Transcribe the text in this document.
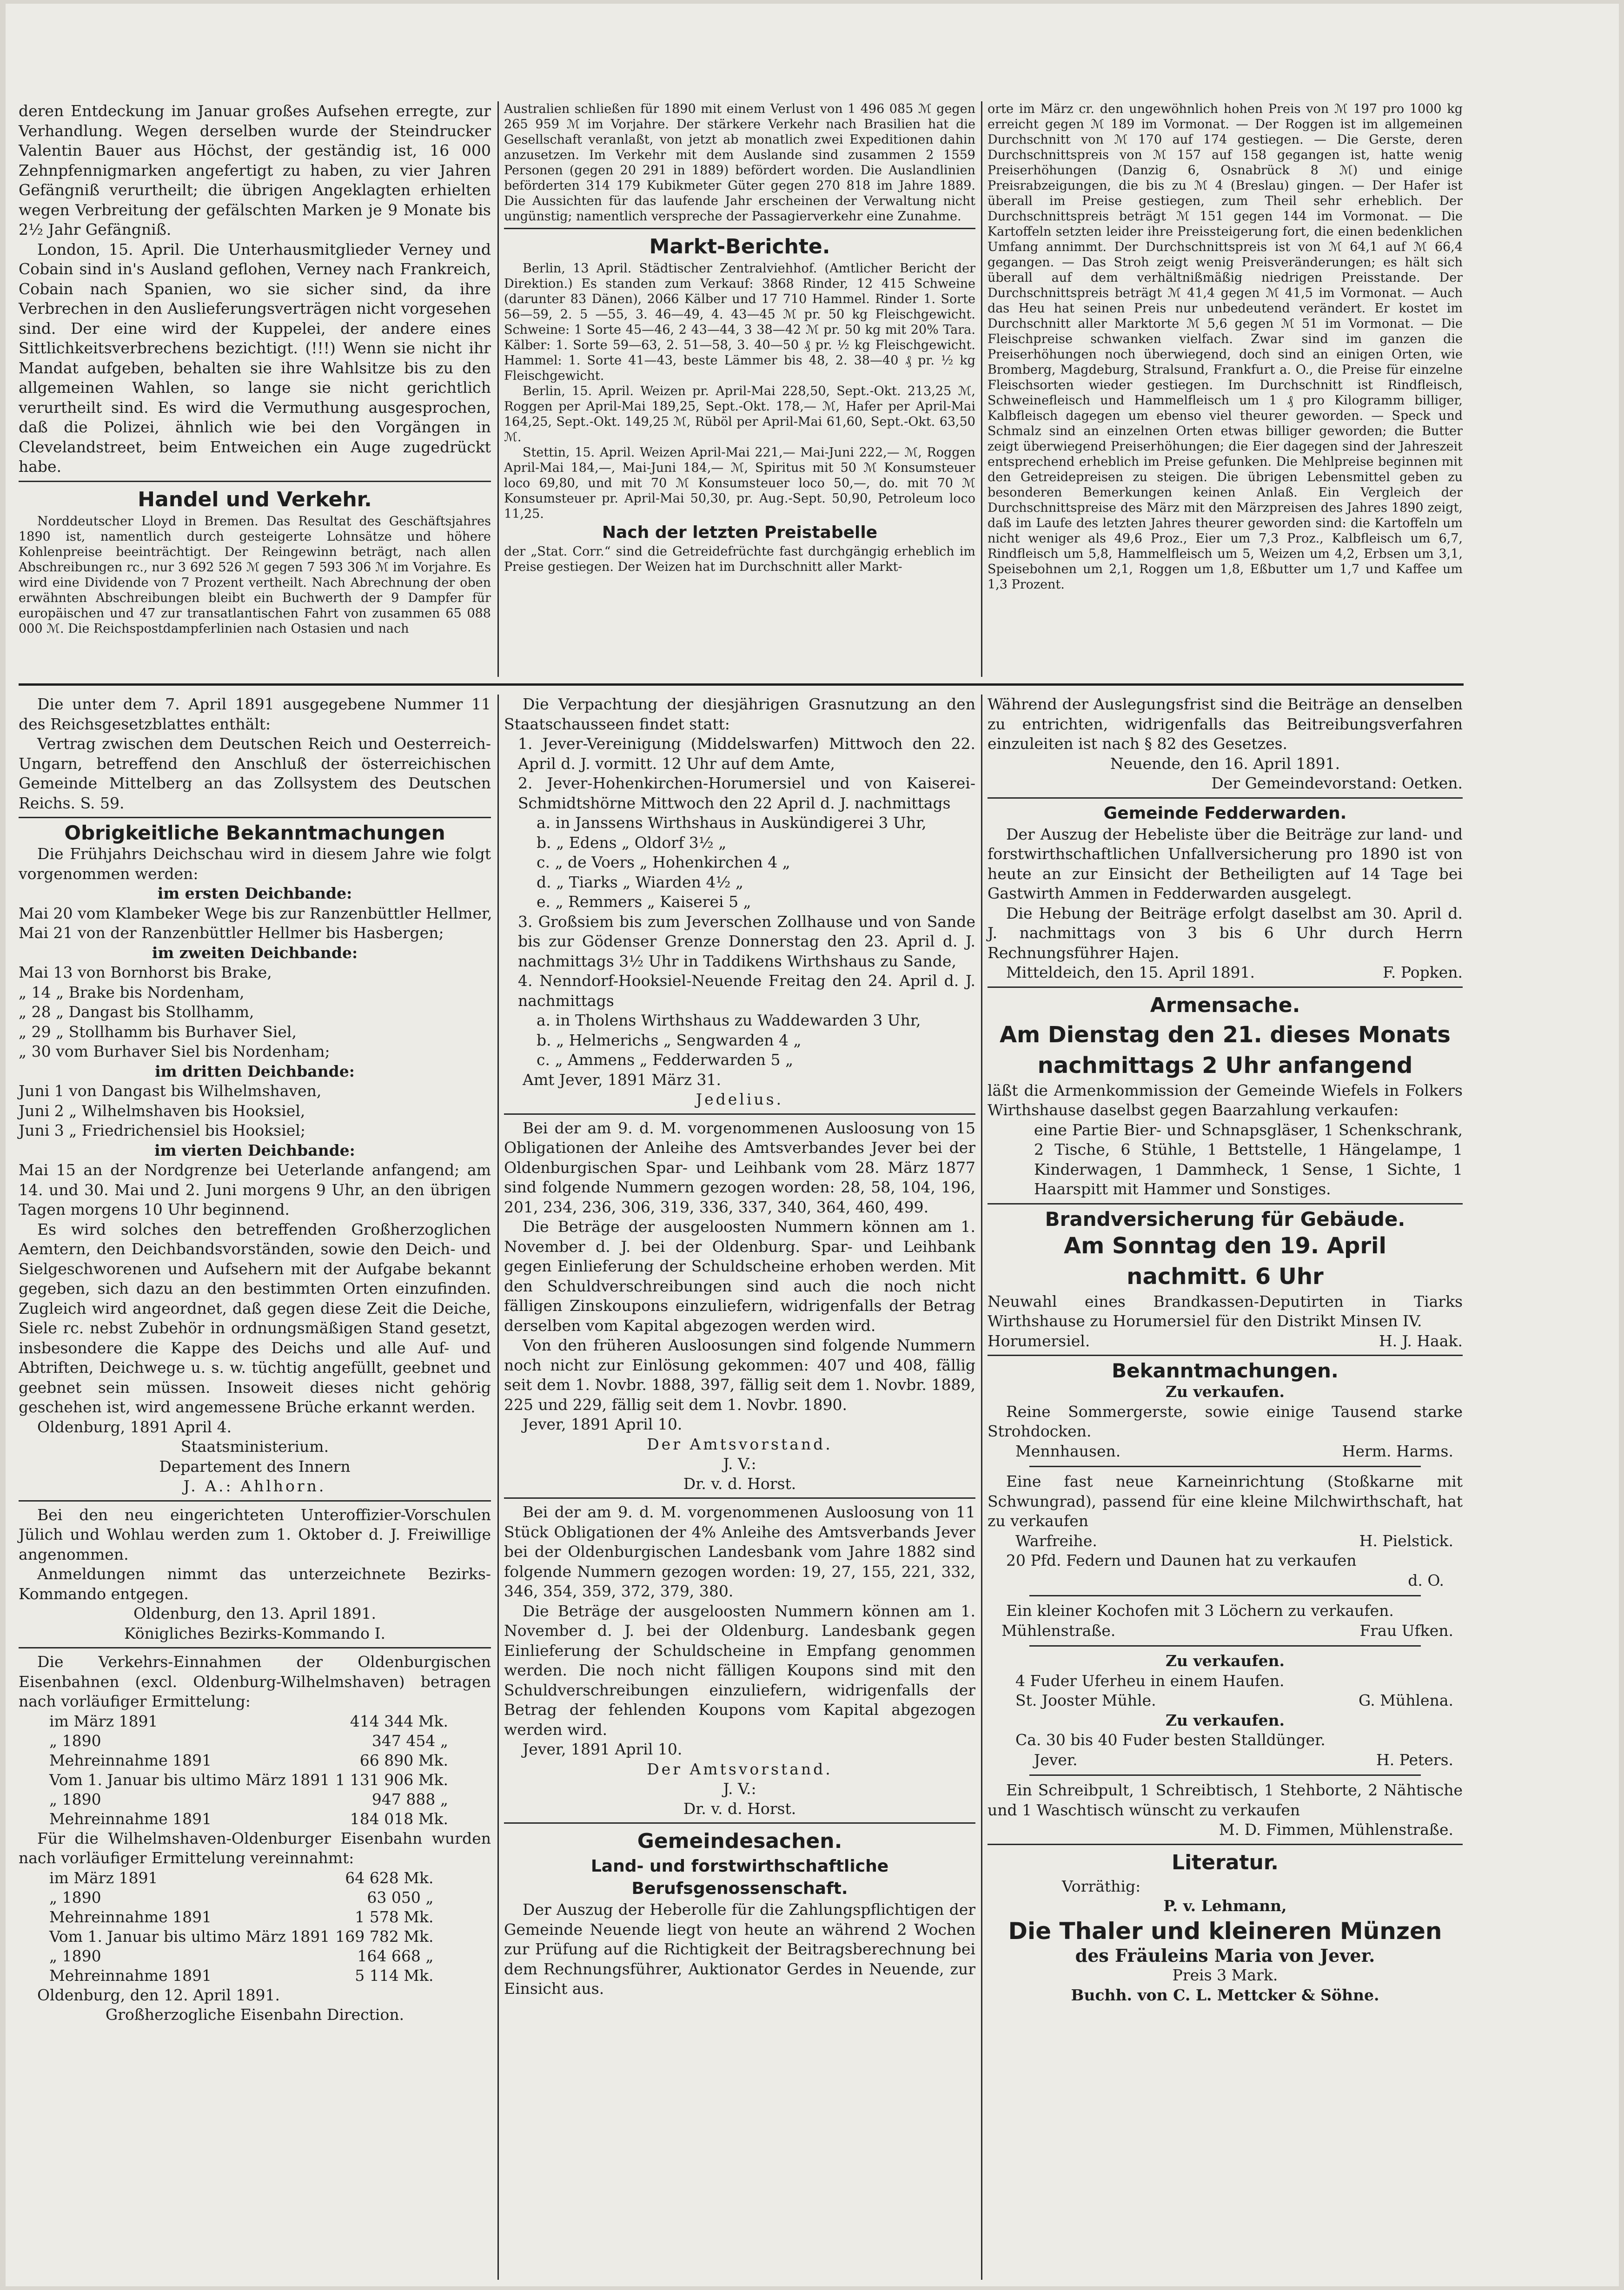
deren Entdeckung im Januar großes Aufsehen erregte, zur Verhandlung. Wegen derselben wurde der Steindrucker Valentin Bauer aus Höchst, der geständig ist, 16 000 Zehnpfennigmarken angefertigt zu haben, zu vier Jahren Gefängniß verurtheilt; die übrigen Angeklagten erhielten wegen Verbreitung der gefälschten Marken je 9 Monate bis 2½ Jahr Gefängniß.

London, 15. April. Die Unterhausmitglieder Verney und Cobain sind in's Ausland geflohen, Verney nach Frankreich, Cobain nach Spanien, wo sie sicher sind, da ihre Verbrechen in den Auslieferungsverträgen nicht vorgesehen sind. Der eine wird der Kuppelei, der andere eines Sittlichkeitsverbrechens bezichtigt. (!!!) Wenn sie nicht ihr Mandat aufgeben, behalten sie ihre Wahlsitze bis zu den allgemeinen Wahlen, so lange sie nicht gerichtlich verurtheilt sind. Es wird die Vermuthung ausgesprochen, daß die Polizei, ähnlich wie bei den Vorgängen in Clevelandstreet, beim Entweichen ein Auge zugedrückt habe.

Handel und Verkehr.

Norddeutscher Lloyd in Bremen. Das Resultat des Geschäftsjahres 1890 ist, namentlich durch gesteigerte Lohnsätze und höhere Kohlenpreise beeinträchtigt. Der Reingewinn beträgt, nach allen Abschreibungen rc., nur 3 692 526 ℳ gegen 7 593 306 ℳ im Vorjahre. Es wird eine Dividende von 7 Prozent vertheilt. Nach Abrechnung der oben erwähnten Abschreibungen bleibt ein Buchwerth der 9 Dampfer für europäischen und 47 zur transatlantischen Fahrt von zusammen 65 088 000 ℳ. Die Reichspostdampferlinien nach Ostasien und nach

Australien schließen für 1890 mit einem Verlust von 1 496 085 ℳ gegen 265 959 ℳ im Vorjahre. Der stärkere Verkehr nach Brasilien hat die Gesellschaft veranlaßt, von jetzt ab monatlich zwei Expeditionen dahin anzusetzen. Im Verkehr mit dem Auslande sind zusammen 2 1559 Personen (gegen 20 291 in 1889) befördert worden. Die Auslandlinien beförderten 314 179 Kubikmeter Güter gegen 270 818 im Jahre 1889. Die Aussichten für das laufende Jahr erscheinen der Verwaltung nicht ungünstig; namentlich verspreche der Passagierverkehr eine Zunahme.

Markt-Berichte.

Berlin, 13 April. Städtischer Zentralviehhof. (Amtlicher Bericht der Direktion.) Es standen zum Verkauf: 3868 Rinder, 12 415 Schweine (darunter 83 Dänen), 2066 Kälber und 17 710 Hammel. Rinder 1. Sorte 56—59, 2. 5 —55, 3. 46—49, 4. 43—45 ℳ pr. 50 kg Fleischgewicht. Schweine: 1 Sorte 45—46, 2 43—44, 3 38—42 ℳ pr. 50 kg mit 20% Tara. Kälber: 1. Sorte 59—63, 2. 51—58, 3. 40—50 ₰ pr. ½ kg Fleischgewicht. Hammel: 1. Sorte 41—43, beste Lämmer bis 48, 2. 38—40 ₰ pr. ½ kg Fleischgewicht.

Berlin, 15. April. Weizen pr. April-Mai 228,50, Sept.-Okt. 213,25 ℳ, Roggen per April-Mai 189,25, Sept.-Okt. 178,— ℳ, Hafer per April-Mai 164,25, Sept.-Okt. 149,25 ℳ, Rüböl per April-Mai 61,60, Sept.-Okt. 63,50 ℳ.

Stettin, 15. April. Weizen April-Mai 221,— Mai-Juni 222,— ℳ, Roggen April-Mai 184,—, Mai-Juni 184,— ℳ, Spiritus mit 50 ℳ Konsumsteuer loco 69,80, und mit 70 ℳ Konsumsteuer loco 50,—, do. mit 70 ℳ Konsumsteuer pr. April-Mai 50,30, pr. Aug.-Sept. 50,90, Petroleum loco 11,25.

Nach der letzten Preistabelle

der „Stat. Corr.“ sind die Getreidefrüchte fast durchgängig erheblich im Preise gestiegen. Der Weizen hat im Durchschnitt aller Markt-

orte im März cr. den ungewöhnlich hohen Preis von ℳ 197 pro 1000 kg erreicht gegen ℳ 189 im Vormonat. — Der Roggen ist im allgemeinen Durchschnitt von ℳ 170 auf 174 gestiegen. — Die Gerste, deren Durchschnittspreis von ℳ 157 auf 158 gegangen ist, hatte wenig Preiserhöhungen (Danzig 6, Osnabrück 8 ℳ) und einige Preisrabzeigungen, die bis zu ℳ 4 (Breslau) gingen. — Der Hafer ist überall im Preise gestiegen, zum Theil sehr erheblich. Der Durchschnittspreis beträgt ℳ 151 gegen 144 im Vormonat. — Die Kartoffeln setzten leider ihre Preissteigerung fort, die einen bedenklichen Umfang annimmt. Der Durchschnittspreis ist von ℳ 64,1 auf ℳ 66,4 gegangen. — Das Stroh zeigt wenig Preisveränderungen; es hält sich überall auf dem verhältnißmäßig niedrigen Preisstande. Der Durchschnittspreis beträgt ℳ 41,4 gegen ℳ 41,5 im Vormonat. — Auch das Heu hat seinen Preis nur unbedeutend verändert. Er kostet im Durchschnitt aller Marktorte ℳ 5,6 gegen ℳ 51 im Vormonat. — Die Fleischpreise schwanken vielfach. Zwar sind im ganzen die Preiserhöhungen noch überwiegend, doch sind an einigen Orten, wie Bromberg, Magdeburg, Stralsund, Frankfurt a. O., die Preise für einzelne Fleischsorten wieder gestiegen. Im Durchschnitt ist Rindfleisch, Schweinefleisch und Hammelfleisch um 1 ₰ pro Kilogramm billiger, Kalbfleisch dagegen um ebenso viel theurer geworden. — Speck und Schmalz sind an einzelnen Orten etwas billiger geworden; die Butter zeigt überwiegend Preiserhöhungen; die Eier dagegen sind der Jahreszeit entsprechend erheblich im Preise gefunken. Die Mehlpreise beginnen mit den Getreidepreisen zu steigen. Die übrigen Lebensmittel geben zu besonderen Bemerkungen keinen Anlaß. Ein Vergleich der Durchschnittspreise des März mit den Märzpreisen des Jahres 1890 zeigt, daß im Laufe des letzten Jahres theurer geworden sind: die Kartoffeln um nicht weniger als 49,6 Proz., Eier um 7,3 Proz., Kalbfleisch um 6,7, Rindfleisch um 5,8, Hammelfleisch um 5, Weizen um 4,2, Erbsen um 3,1, Speisebohnen um 2,1, Roggen um 1,8, Eßbutter um 1,7 und Kaffee um 1,3 Prozent.

Die unter dem 7. April 1891 ausgegebene Nummer 11 des Reichsgesetzblattes enthält:

Vertrag zwischen dem Deutschen Reich und Oesterreich-Ungarn, betreffend den Anschluß der österreichischen Gemeinde Mittelberg an das Zollsystem des Deutschen Reichs. S. 59.

Obrigkeitliche Bekanntmachungen

Die Frühjahrs Deichschau wird in diesem Jahre wie folgt vorgenommen werden:

im ersten Deichbande:
Mai 20 vom Klambeker Wege bis zur Ranzenbüttler Hellmer,
Mai 21 von der Ranzenbüttler Hellmer bis Hasbergen;
im zweiten Deichbande:
Mai 13 von Bornhorst bis Brake,
„ 14 „ Brake bis Nordenham,
„ 28 „ Dangast bis Stollhamm,
„ 29 „ Stollhamm bis Burhaver Siel,
„ 30 vom Burhaver Siel bis Nordenham;
im dritten Deichbande:
Juni 1 von Dangast bis Wilhelmshaven,
Juni 2 „ Wilhelmshaven bis Hooksiel,
Juni 3 „ Friedrichensiel bis Hooksiel;
im vierten Deichbande:

Mai 15 an der Nordgrenze bei Ueterlande anfangend; am 14. und 30. Mai und 2. Juni morgens 9 Uhr, an den übrigen Tagen morgens 10 Uhr beginnend.

Es wird solches den betreffenden Großherzoglichen Aemtern, den Deichbandsvorständen, sowie den Deich- und Sielgeschworenen und Aufsehern mit der Aufgabe bekannt gegeben, sich dazu an den bestimmten Orten einzufinden. Zugleich wird angeordnet, daß gegen diese Zeit die Deiche, Siele rc. nebst Zubehör in ordnungsmäßigen Stand gesetzt, insbesondere die Kappe des Deichs und alle Auf- und Abtriften, Deichwege u. s. w. tüchtig angefüllt, geebnet und geebnet sein müssen. Insoweit dieses nicht gehörig geschehen ist, wird angemessene Brüche erkannt werden.

Oldenburg, 1891 April 4.

Staatsministerium.
Departement des Innern
J. A.: Ahlhorn.

Bei den neu eingerichteten Unteroffizier-Vorschulen Jülich und Wohlau werden zum 1. Oktober d. J. Freiwillige angenommen.

Anmeldungen nimmt das unterzeichnete Bezirks-Kommando entgegen.

Oldenburg, den 13. April 1891.
Königliches Bezirks-Kommando I.

Die Verkehrs-Einnahmen der Oldenburgischen Eisenbahnen (excl. Oldenburg-Wilhelmshaven) betragen nach vorläufiger Ermittelung:

im März 1891	414 344 Mk.
„ 1890	347 454 „
Mehreinnahme 1891	66 890 Mk.
Vom 1. Januar bis ultimo März 1891	1 131 906 Mk.
„ 1890	947 888 „
Mehreinnahme 1891	184 018 Mk.

Für die Wilhelmshaven-Oldenburger Eisenbahn wurden nach vorläufiger Ermittelung vereinnahmt:

im März 1891	64 628 Mk.
„ 1890	63 050 „
Mehreinnahme 1891	1 578 Mk.
Vom 1. Januar bis ultimo März 1891	169 782 Mk.
„ 1890	164 668 „
Mehreinnahme 1891	5 114 Mk.

Oldenburg, den 12. April 1891.

Großherzogliche Eisenbahn Direction.

Die Verpachtung der diesjährigen Grasnutzung an den Staatschausseen findet statt:

1. Jever-Vereinigung (Middelswarfen) Mittwoch den 22. April d. J. vormitt. 12 Uhr auf dem Amte,

2. Jever-Hohenkirchen-Horumersiel und von Kaiserei-Schmidtshörne Mittwoch den 22 April d. J. nachmittags

a. in Janssens Wirthshaus in Auskündigerei 3 Uhr,

b. „ Edens „ Oldorf 3½ „

c. „ de Voers „ Hohenkirchen 4 „

d. „ Tiarks „ Wiarden 4½ „

e. „ Remmers „ Kaiserei 5 „

3. Großsiem bis zum Jeverschen Zollhause und von Sande bis zur Gödenser Grenze Donnerstag den 23. April d. J. nachmittags 3½ Uhr in Taddikens Wirthshaus zu Sande,

4. Nenndorf-Hooksiel-Neuende Freitag den 24. April d. J. nachmittags

a. in Tholens Wirthshaus zu Waddewarden 3 Uhr,

b. „ Helmerichs „ Sengwarden 4 „

c. „ Ammens „ Fedderwarden 5 „

Amt Jever, 1891 März 31.

Jedelius.

Bei der am 9. d. M. vorgenommenen Ausloosung von 15 Obligationen der Anleihe des Amtsverbandes Jever bei der Oldenburgischen Spar- und Leihbank vom 28. März 1877 sind folgende Nummern gezogen worden: 28, 58, 104, 196, 201, 234, 236, 306, 319, 336, 337, 340, 364, 460, 499.

Die Beträge der ausgeloosten Nummern können am 1. November d. J. bei der Oldenburg. Spar- und Leihbank gegen Einlieferung der Schuldscheine erhoben werden. Mit den Schuldverschreibungen sind auch die noch nicht fälligen Zinskoupons einzuliefern, widrigenfalls der Betrag derselben vom Kapital abgezogen werden wird.

Von den früheren Ausloosungen sind folgende Nummern noch nicht zur Einlösung gekommen: 407 und 408, fällig seit dem 1. Novbr. 1888, 397, fällig seit dem 1. Novbr. 1889, 225 und 229, fällig seit dem 1. Novbr. 1890.

Jever, 1891 April 10.

Der Amtsvorstand.
J. V.:
Dr. v. d. Horst.

Bei der am 9. d. M. vorgenommenen Ausloosung von 11 Stück Obligationen der 4% Anleihe des Amtsverbands Jever bei der Oldenburgischen Landesbank vom Jahre 1882 sind folgende Nummern gezogen worden: 19, 27, 155, 221, 332, 346, 354, 359, 372, 379, 380.

Die Beträge der ausgeloosten Nummern können am 1. November d. J. bei der Oldenburg. Landesbank gegen Einlieferung der Schuldscheine in Empfang genommen werden. Die noch nicht fälligen Koupons sind mit den Schuldverschreibungen einzuliefern, widrigenfalls der Betrag der fehlenden Koupons vom Kapital abgezogen werden wird.

Jever, 1891 April 10.

Der Amtsvorstand.
J. V.:
Dr. v. d. Horst.
Gemeindesachen.
Land- und forstwirthschaftliche Berufsgenossenschaft.

Der Auszug der Heberolle für die Zahlungspflichtigen der Gemeinde Neuende liegt von heute an während 2 Wochen zur Prüfung auf die Richtigkeit der Beitragsberechnung bei dem Rechnungsführer, Auktionator Gerdes in Neuende, zur Einsicht aus.

Während der Auslegungsfrist sind die Beiträge an denselben zu entrichten, widrigenfalls das Beitreibungsverfahren einzuleiten ist nach § 82 des Gesetzes.

Neuende, den 16. April 1891.
Der Gemeindevorstand: Oetken.
Gemeinde Fedderwarden.

Der Auszug der Hebeliste über die Beiträge zur land- und forstwirthschaftlichen Unfallversicherung pro 1890 ist von heute an zur Einsicht der Betheiligten auf 14 Tage bei Gastwirth Ammen in Fedderwarden ausgelegt.

Die Hebung der Beiträge erfolgt daselbst am 30. April d. J. nachmittags von 3 bis 6 Uhr durch Herrn Rechnungsführer Hajen.

Mitteldeich, den 15. April 1891.	F. Popken.

Armensache.
Am Dienstag den 21. dieses Monats
nachmittags 2 Uhr anfangend

läßt die Armenkommission der Gemeinde Wiefels in Folkers Wirthshause daselbst gegen Baarzahlung verkaufen:

eine Partie Bier- und Schnapsgläser, 1 Schenkschrank, 2 Tische, 6 Stühle, 1 Bettstelle, 1 Hängelampe, 1 Kinderwagen, 1 Dammheck, 1 Sense, 1 Sichte, 1 Haarspitt mit Hammer und Sonstiges.

Brandversicherung für Gebäude.
Am Sonntag den 19. April
nachmitt. 6 Uhr

Neuwahl eines Brandkassen-Deputirten in Tiarks Wirthshause zu Horumersiel für den Distrikt Minsen IV.

Horumersiel.	H. J. Haak.

Bekanntmachungen.
Zu verkaufen.

Reine Sommergerste, sowie einige Tausend starke Strohdocken.

Mennhausen.	Herm. Harms.

Eine fast neue Karneinrichtung (Stoßkarne mit Schwungrad), passend für eine kleine Milchwirthschaft, hat zu verkaufen

Warfreihe.	H. Pielstick.

20 Pfd. Federn und Daunen hat zu verkaufen

d. O.

Ein kleiner Kochofen mit 3 Löchern zu verkaufen.

Mühlenstraße.	Frau Ufken.

Zu verkaufen.

4 Fuder Uferheu in einem Haufen.

St. Jooster Mühle.	G. Mühlena.

Zu verkaufen.

Ca. 30 bis 40 Fuder besten Stalldünger.

Jever.	H. Peters.

Ein Schreibpult, 1 Schreibtisch, 1 Stehborte, 2 Nähtische und 1 Waschtisch wünscht zu verkaufen

M. D. Fimmen, Mühlenstraße.
Literatur.
Vorräthig:
P. v. Lehmann,
Die Thaler und kleineren Münzen
des Fräuleins Maria von Jever.
Preis 3 Mark.
Buchh. von C. L. Mettcker & Söhne.
